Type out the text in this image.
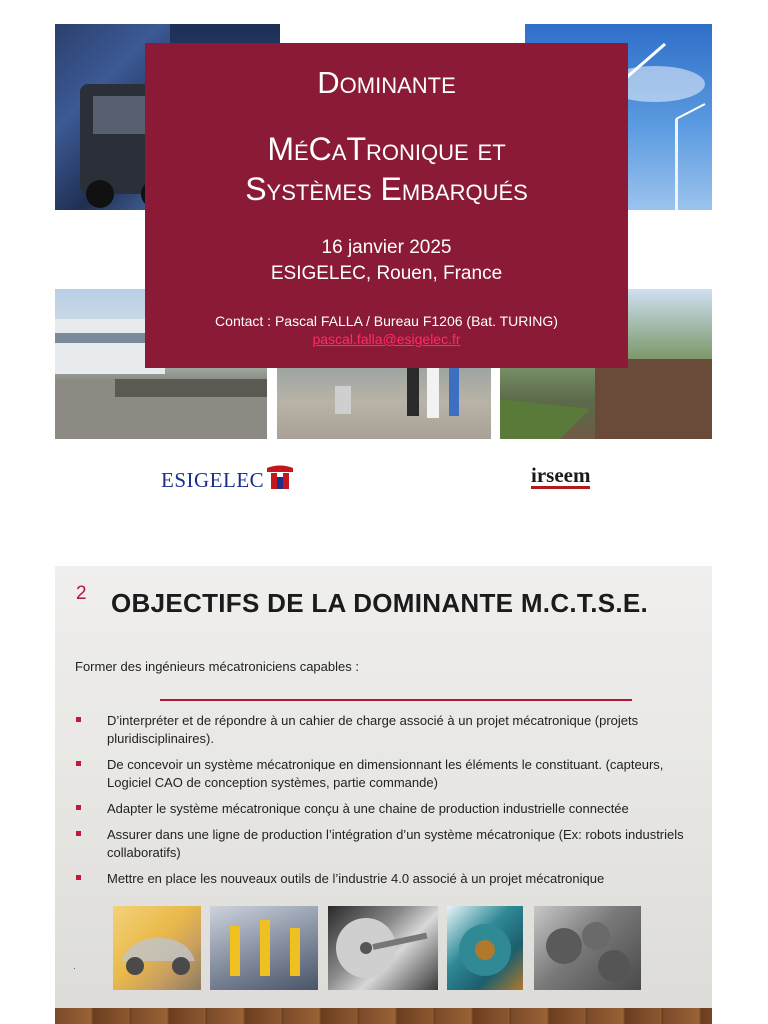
Dominante
MéCaTronique et
Systèmes Embarqués
16 janvier 2025
ESIGELEC, Rouen, France
Contact : Pascal FALLA / Bureau F1206 (Bat. TURING)
pascal.falla@esigelec.fr
ESIGELEC	irseem
2 OBJECTIFS DE LA DOMINANTE M.C.T.S.E.
Former des ingénieurs mécatroniciens capables :
D’interpréter et de répondre à un cahier de charge associé à un projet mécatronique (projets pluridisciplinaires).
De concevoir un système mécatronique en dimensionnant les éléments le constituant. (capteurs, Logiciel CAO de conception systèmes, partie commande)
Adapter le système mécatronique conçu à une chaine de production industrielle connectée
Assurer dans une ligne de production l’intégration d’un système mécatronique (Ex: robots industriels collaboratifs)
Mettre en place les nouveaux outils de l’industrie 4.0 associé à un projet mécatronique
.
